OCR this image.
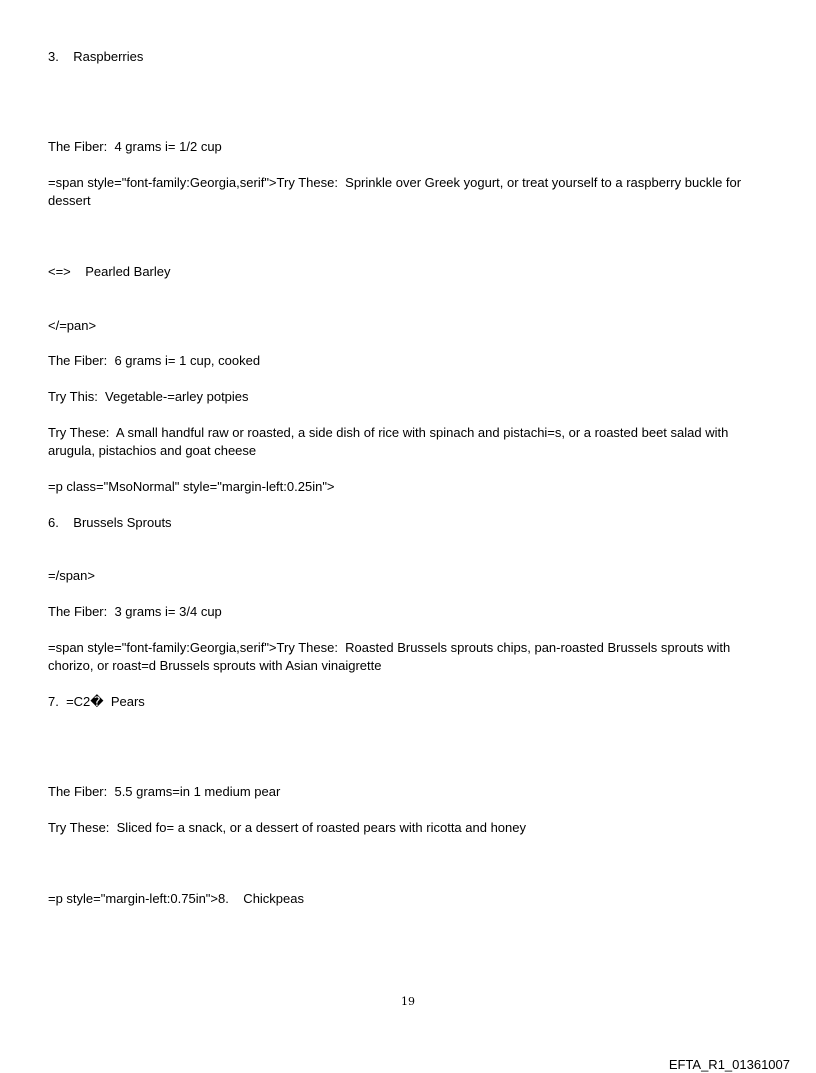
3.    Raspberries
The Fiber:  4 grams i= 1/2 cup
=span style="font-family:Georgia,serif">Try These:  Sprinkle over Greek yogurt, or treat yourself to a raspberry buckle for dessert
<=>    Pearled Barley
</=pan>
The Fiber:  6 grams i= 1 cup, cooked
Try This:  Vegetable-=arley potpies
Try These:  A small handful raw or roasted, a side dish of rice with spinach and pistachi=s, or a roasted beet salad with arugula, pistachios and goat cheese
=p class="MsoNormal" style="margin-left:0.25in">
6.    Brussels Sprouts
=/span>
The Fiber:  3 grams i= 3/4 cup
=span style="font-family:Georgia,serif">Try These:  Roasted Brussels sprouts chips, pan-roasted Brussels sprouts with chorizo, or roast=d Brussels sprouts with Asian vinaigrette
7.  =C2�  Pears
The Fiber:  5.5 grams=in 1 medium pear
Try These:  Sliced fo= a snack, or a dessert of roasted pears with ricotta and honey
=p style="margin-left:0.75in">8.    Chickpeas
19
EFTA_R1_01361007
